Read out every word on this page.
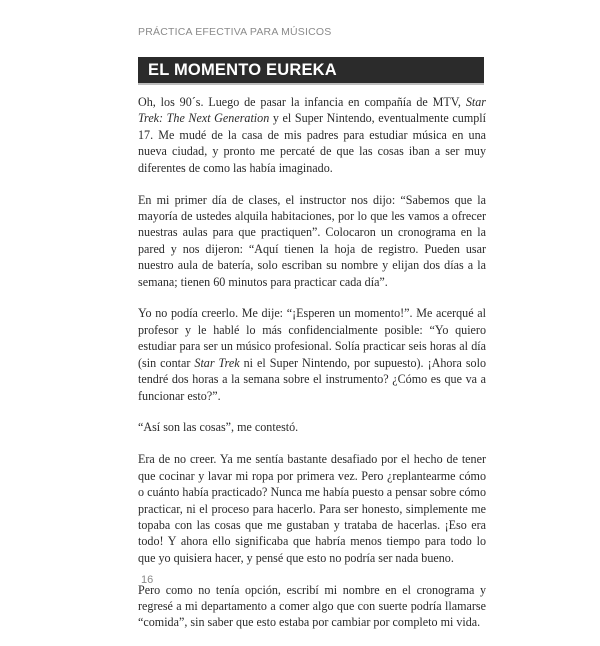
PRÁCTICA EFECTIVA PARA MÚSICOS
EL MOMENTO EUREKA

Oh, los 90´s. Luego de pasar la infancia en compañía de MTV, Star Trek: The Next Generation y el Super Nintendo, eventualmente cumplí 17. Me mudé de la casa de mis padres para estudiar música en una nueva ciudad, y pronto me percaté de que las cosas iban a ser muy diferentes de como las había imaginado.

En mi primer día de clases, el instructor nos dijo: “Sabemos que la mayoría de ustedes alquila habitaciones, por lo que les vamos a ofrecer nuestras aulas para que practiquen”. Colocaron un cronograma en la pared y nos dijeron: “Aquí tienen la hoja de registro. Pueden usar nuestro aula de batería, solo escriban su nombre y elijan dos días a la semana; tienen 60 minutos para practicar cada día”.

Yo no podía creerlo. Me dije: “¡Esperen un momento!”. Me acerqué al profesor y le hablé lo más confidencialmente posible: “Yo quiero estudiar para ser un músico profesional. Solía practicar seis horas al día (sin contar Star Trek ni el Super Nintendo, por supuesto). ¡Ahora solo tendré dos horas a la semana sobre el instrumento? ¿Cómo es que va a funcionar esto?”.

“Así son las cosas”, me contestó.

Era de no creer. Ya me sentía bastante desafiado por el hecho de tener que cocinar y lavar mi ropa por primera vez. Pero ¿replantearme cómo o cuánto había practicado? Nunca me había puesto a pensar sobre cómo practicar, ni el proceso para hacerlo. Para ser honesto, simplemente me topaba con las cosas que me gustaban y trataba de hacerlas. ¡Eso era todo! Y ahora ello significaba que habría menos tiempo para todo lo que yo quisiera hacer, y pensé que esto no podría ser nada bueno.

Pero como no tenía opción, escribí mi nombre en el cronograma y regresé a mi departamento a comer algo que con suerte podría llamarse “comida”, sin saber que esto estaba por cambiar por completo mi vida.

16
